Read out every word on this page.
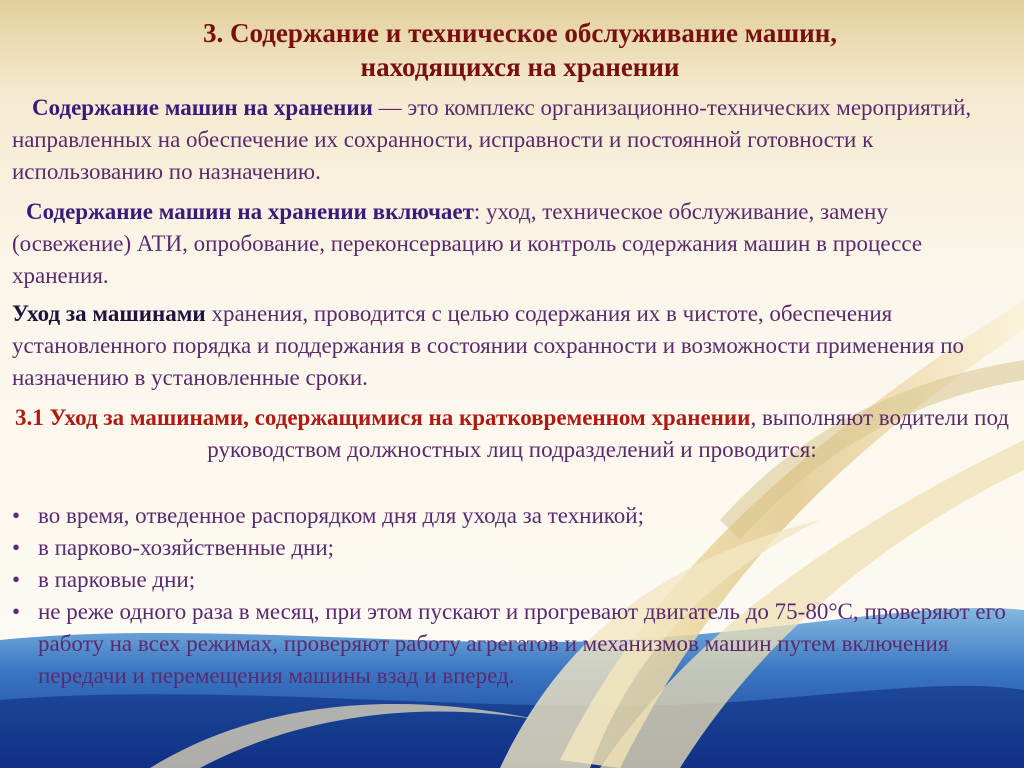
3. Содержание и техническое обслуживание машин,
находящихся на хранении
Содержание машин на хранении — это комплекс организационно-технических мероприятий, направленных на обеспечение их сохранности, исправности и постоянной готовности к использованию по назначению.
Содержание машин на хранении включает: уход, техническое обслуживание, замену (освежение) АТИ, опробование, переконсервацию и контроль содержания машин в процессе хранения.
Уход за машинами хранения, проводится с целью содержания их в чистоте, обеспечения установленного порядка и поддержания в состоянии сохранности и возможности применения по назначению в установленные сроки.
3.1 Уход за машинами, содержащимися на кратковременном хранении, выполняют водители под руководством должностных лиц подразделений и проводится:
• во время, отведенное распорядком дня для ухода за техникой;
• в парково-хозяйственные дни;
• в парковые дни;
• не реже одного раза в месяц, при этом пускают и прогревают двигатель до 75-80°С, проверяют его работу на всех режимах, проверяют работу агрегатов и механизмов машин путем включения передачи и перемещения машины взад и вперед.
